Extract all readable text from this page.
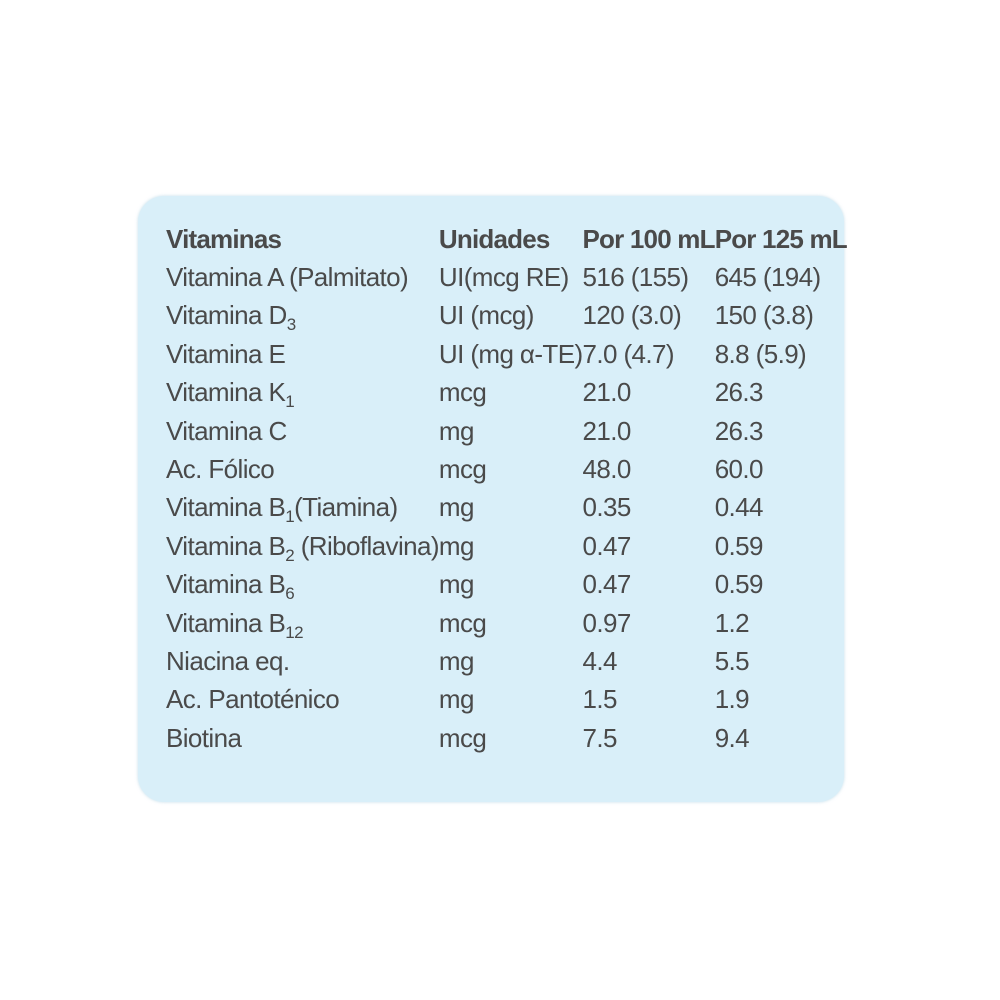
Vitaminas	Unidades	Por 100 mL	Por 125 mL
Vitamina A (Palmitato)	UI(mcg RE)	516 (155)	645 (194)
Vitamina $D_3$	UI (mcg)	120 (3.0)	150 (3.8)
Vitamina E	UI (mg α-TE)	7.0 (4.7)	8.8 (5.9)
Vitamina $K_1$	mcg	21.0	26.3
Vitamina C	mg	21.0	26.3
Ac. Fólico	mcg	48.0	60.0
Vitamina $B_1(Tiamina)$	mg	0.35	0.44
Vitamina $B_2$ (Riboflavina)	mg	0.47	0.59
Vitamina $B_6$	mg	0.47	0.59
Vitamina $B_{12}$	mcg	0.97	1.2
Niacina eq.	mg	4.4	5.5
Ac. Pantoténico	mg	1.5	1.9
Biotina	mcg	7.5	9.4
